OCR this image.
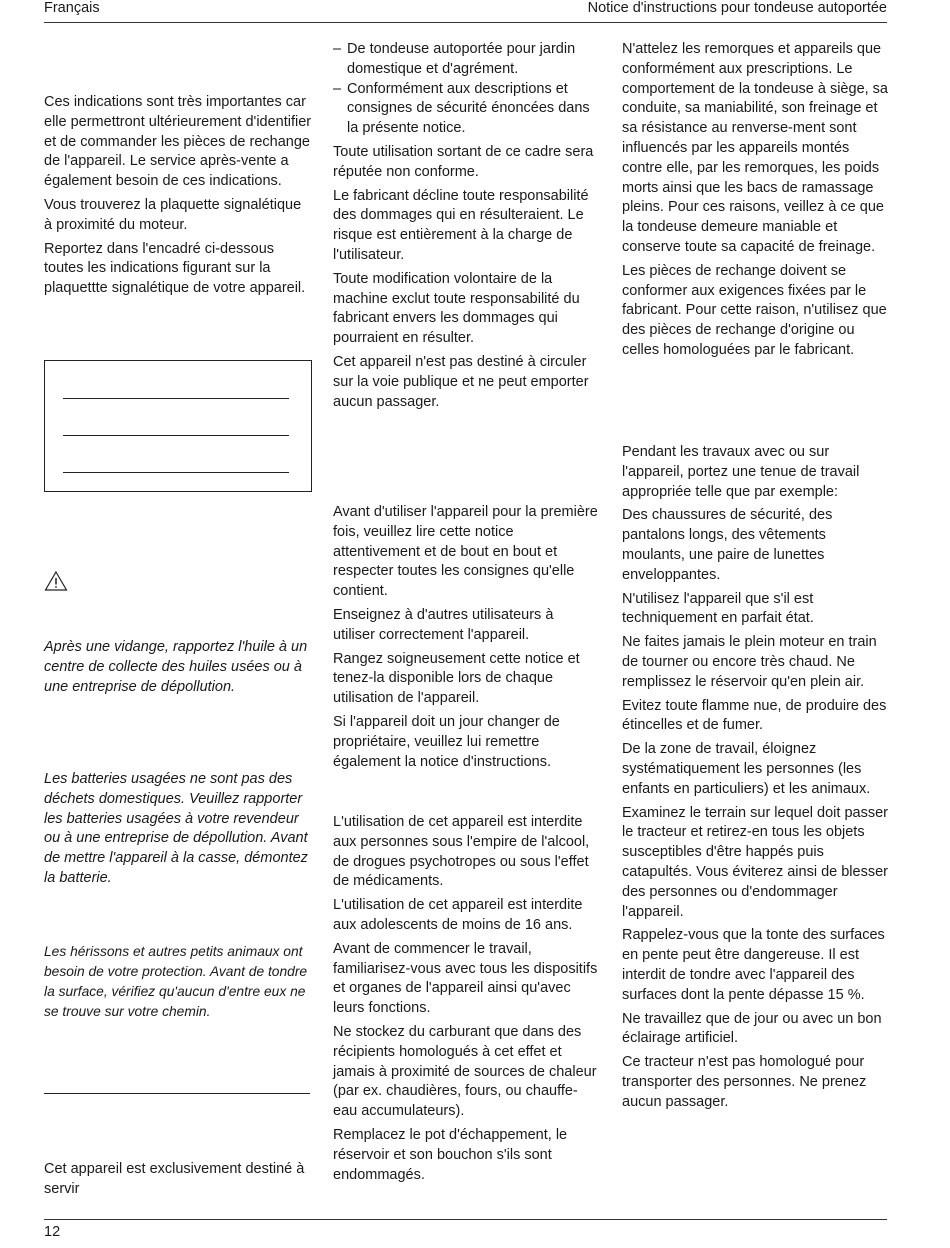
Français	Notice d'instructions pour tondeuse autoportée

Ces indications sont très importantes car elle permettront ultérieurement d'identifier et de commander les pièces de rechange de l'appareil. Le service après-vente a également besoin de ces indications.

Vous trouverez la plaquette signalétique à proximité du moteur.

Reportez dans l'encadré ci-dessous toutes les indications figurant sur la plaquettte signalétique de votre appareil.

Après une vidange, rapportez l'huile à un centre de collecte des huiles usées ou à une entreprise de dépollution.

Les batteries usagées ne sont pas des déchets domestiques. Veuillez rapporter les batteries usagées à votre revendeur ou à une entreprise de dépollution. Avant de mettre l'appareil à la casse, démontez la batterie.

Les hérissons et autres petits animaux ont besoin de votre protection. Avant de tondre la surface, vérifiez qu'aucun d'entre eux ne se trouve sur votre chemin.

Cet appareil est exclusivement destiné à servir

– De tondeuse autoportée pour jardin domestique et d'agrément.
– Conformément aux descriptions et consignes de sécurité énoncées dans la présente notice.

Toute utilisation sortant de ce cadre sera réputée non conforme.

Le fabricant décline toute responsabilité des dommages qui en résulteraient. Le risque est entièrement à la charge de l'utilisateur.

Toute modification volontaire de la machine exclut toute responsabilité du fabricant envers les dommages qui pourraient en résulter.

Cet appareil n'est pas destiné à circuler sur la voie publique et ne peut emporter aucun passager.

Avant d'utiliser l'appareil pour la première fois, veuillez lire cette notice attentivement et de bout en bout et respecter toutes les consignes qu'elle contient.

Enseignez à d'autres utilisateurs à utiliser correctement l'appareil.

Rangez soigneusement cette notice et tenez-la disponible lors de chaque utilisation de l'appareil.

Si l'appareil doit un jour changer de propriétaire, veuillez lui remettre également la notice d'instructions.

L'utilisation de cet appareil est interdite aux personnes sous l'empire de l'alcool, de drogues psychotropes ou sous l'effet de médicaments.

L'utilisation de cet appareil est interdite aux adolescents de moins de 16 ans.

Avant de commencer le travail, familiarisez-vous avec tous les dispositifs et organes de l'appareil ainsi qu'avec leurs fonctions.

Ne stockez du carburant que dans des récipients homologués à cet effet et jamais à proximité de sources de chaleur (par ex. chaudières, fours, ou chauffe-eau accumulateurs).

Remplacez le pot d'échappement, le réservoir et son bouchon s'ils sont endommagés.

N'attelez les remorques et appareils que conformément aux prescriptions. Le comportement de la tondeuse à siège, sa conduite, sa maniabilité, son freinage et sa résistance au renverse-ment sont influencés par les appareils montés contre elle, par les remorques, les poids morts ainsi que les bacs de ramassage pleins. Pour ces raisons, veillez à ce que la tondeuse demeure maniable et conserve toute sa capacité de freinage.

Les pièces de rechange doivent se conformer aux exigences fixées par le fabricant. Pour cette raison, n'utilisez que des pièces de rechange d'origine ou celles homologuées par le fabricant.

Pendant les travaux avec ou sur l'appareil, portez une tenue de travail appropriée telle que par exemple:

Des chaussures de sécurité, des pantalons longs, des vêtements moulants, une paire de lunettes enveloppantes.

N'utilisez l'appareil que s'il est techniquement en parfait état.

Ne faites jamais le plein moteur en train de tourner ou encore très chaud. Ne remplissez le réservoir qu'en plein air.

Evitez toute flamme nue, de produire des étincelles et de fumer.

De la zone de travail, éloignez systématiquement les personnes (les enfants en particuliers) et les animaux.

Examinez le terrain sur lequel doit passer le tracteur et retirez-en tous les objets susceptibles d'être happés puis catapultés. Vous éviterez ainsi de blesser des personnes ou d'endommager l'appareil.

Rappelez-vous que la tonte des surfaces en pente peut être dangereuse. Il est interdit de tondre avec l'appareil des surfaces dont la pente dépasse 15 %.

Ne travaillez que de jour ou avec un bon éclairage artificiel.

Ce tracteur n'est pas homologué pour transporter des personnes. Ne prenez aucun passager.

12
